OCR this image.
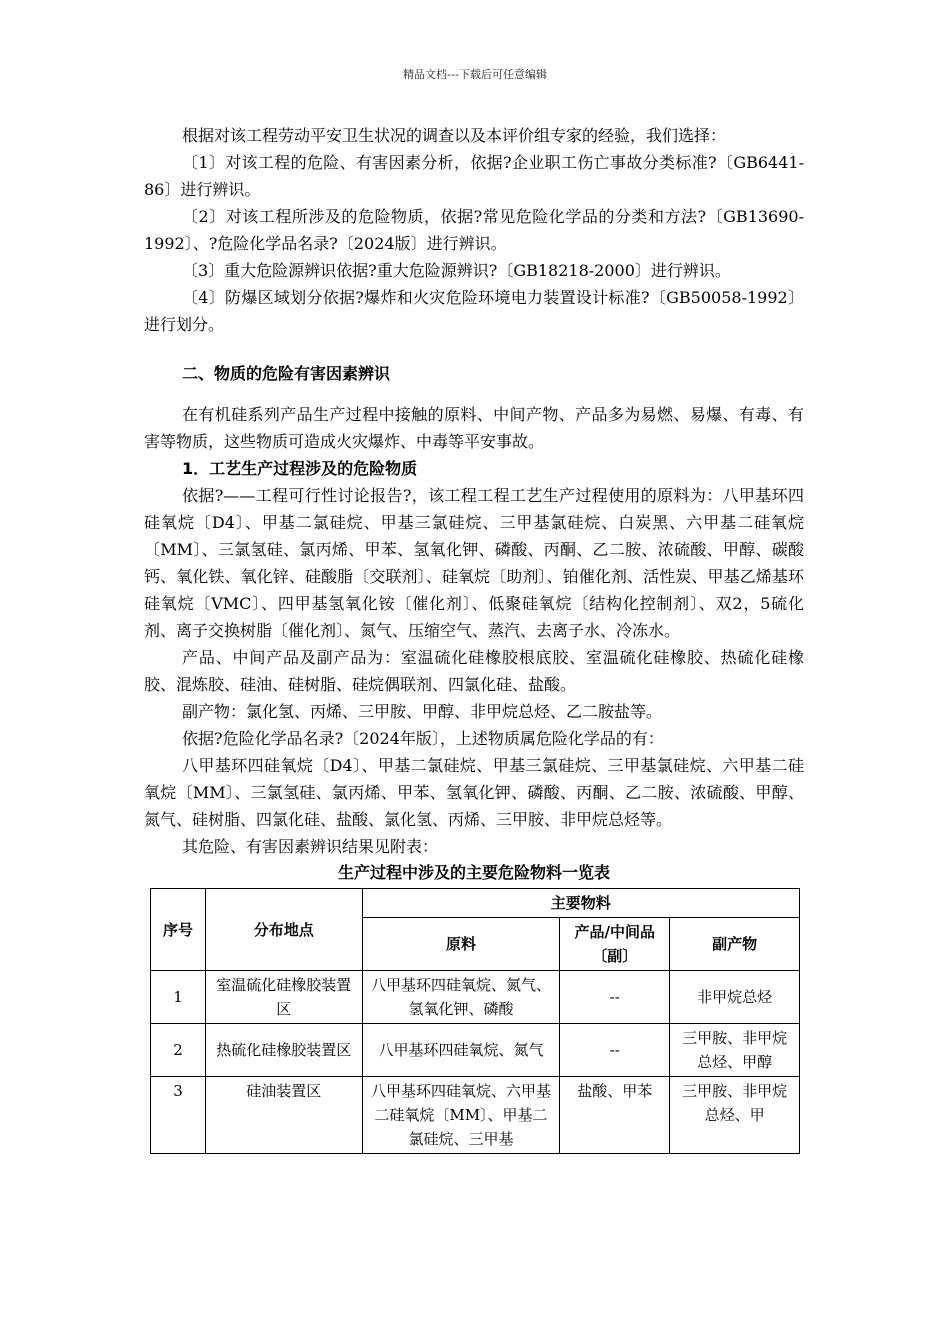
精品文档---下载后可任意编辑

根据对该工程劳动平安卫生状况的调查以及本评价组专家的经验，我们选择：

〔1〕对该工程的危险、有害因素分析，依据?企业职工伤亡事故分类标准?〔GB6441-86〕进行辨识。

〔2〕对该工程所涉及的危险物质，依据?常见危险化学品的分类和方法?〔GB13690-1992〕、?危险化学品名录?〔2024版〕进行辨识。

〔3〕重大危险源辨识依据?重大危险源辨识?〔GB18218-2000〕进行辨识。

〔4〕防爆区域划分依据?爆炸和火灾危险环境电力装置设计标准?〔GB50058-1992〕进行划分。

二、物质的危险有害因素辨识

在有机硅系列产品生产过程中接触的原料、中间产物、产品多为易燃、易爆、有毒、有害等物质，这些物质可造成火灾爆炸、中毒等平安事故。

1．工艺生产过程涉及的危险物质

依据?——工程可行性讨论报告?，该工程工程工艺生产过程使用的原料为：八甲基环四硅氧烷〔D4〕、甲基二氯硅烷、甲基三氯硅烷、三甲基氯硅烷、白炭黑、六甲基二硅氧烷〔MM〕、三氯氢硅、氯丙烯、甲苯、氢氧化钾、磷酸、丙酮、乙二胺、浓硫酸、甲醇、碳酸钙、氧化铁、氧化锌、硅酸脂〔交联剂〕、硅氧烷〔助剂〕、铂催化剂、活性炭、甲基乙烯基环硅氧烷〔VMC〕、四甲基氢氧化铵〔催化剂〕、低聚硅氧烷〔结构化控制剂〕、双2，5硫化剂、离子交换树脂〔催化剂〕、氮气、压缩空气、蒸汽、去离子水、冷冻水。

产品、中间产品及副产品为：室温硫化硅橡胶根底胶、室温硫化硅橡胶、热硫化硅橡胶、混炼胶、硅油、硅树脂、硅烷偶联剂、四氯化硅、盐酸。

副产物：氯化氢、丙烯、三甲胺、甲醇、非甲烷总烃、乙二胺盐等。

依据?危险化学品名录?〔2024年版〕，上述物质属危险化学品的有：

八甲基环四硅氧烷〔D4〕、甲基二氯硅烷、甲基三氯硅烷、三甲基氯硅烷、六甲基二硅氧烷〔MM〕、三氯氢硅、氯丙烯、甲苯、氢氧化钾、磷酸、丙酮、乙二胺、浓硫酸、甲醇、氮气、硅树脂、四氯化硅、盐酸、氯化氢、丙烯、三甲胺、非甲烷总烃等。

其危险、有害因素辨识结果见附表：

生产过程中涉及的主要危险物料一览表
序号	分布地点	主要物料		
		原料	产品/中间品〔副〕	副产物
1	室温硫化硅橡胶装置区	八甲基环四硅氧烷、氮气、氢氧化钾、磷酸	--	非甲烷总烃
2	热硫化硅橡胶装置区	八甲基环四硅氧烷、氮气	--	三甲胺、非甲烷总烃、甲醇
3	硅油装置区	八甲基环四硅氧烷、六甲基二硅氧烷〔MM〕、甲基二氯硅烷、三甲基	盐酸、甲苯	三甲胺、非甲烷总烃、甲
